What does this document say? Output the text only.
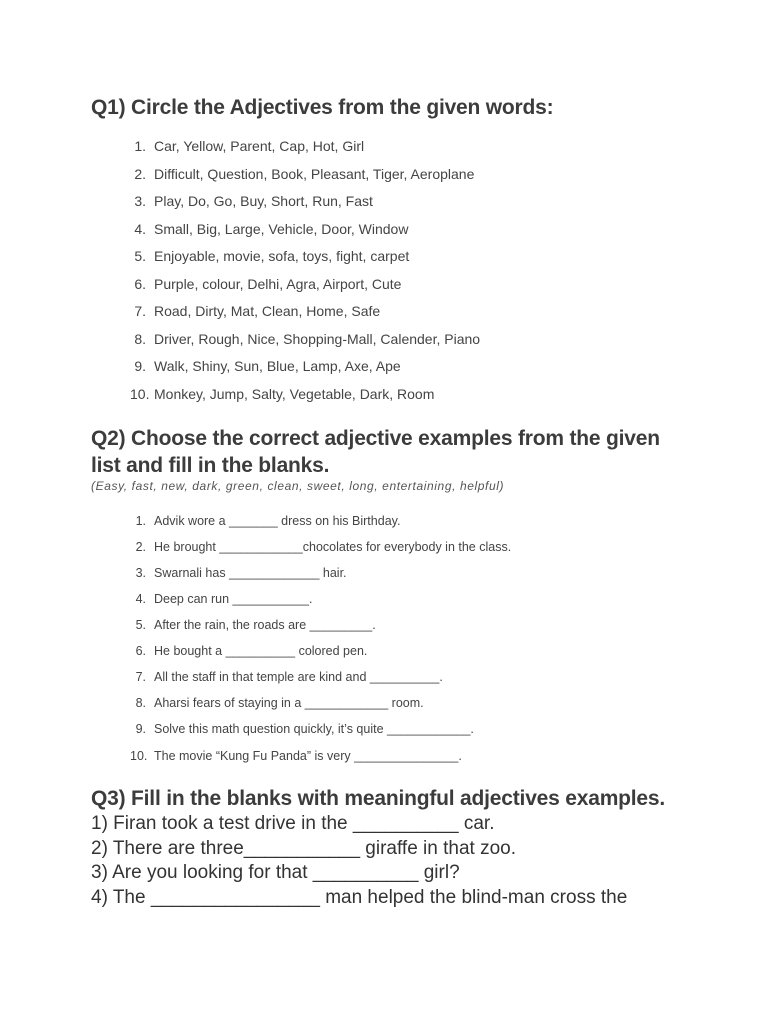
Q1) Circle the Adjectives from the given words:
1. Car, Yellow, Parent, Cap, Hot, Girl
2. Difficult, Question, Book, Pleasant, Tiger, Aeroplane
3. Play, Do, Go, Buy, Short, Run, Fast
4. Small, Big, Large, Vehicle, Door, Window
5. Enjoyable, movie, sofa, toys, fight, carpet
6. Purple, colour, Delhi, Agra, Airport, Cute
7. Road, Dirty, Mat, Clean, Home, Safe
8. Driver, Rough, Nice, Shopping-Mall, Calender, Piano
9. Walk, Shiny, Sun, Blue, Lamp, Axe, Ape
10. Monkey, Jump, Salty, Vegetable, Dark, Room
Q2) Choose the correct adjective examples from the given list and fill in the blanks.
(Easy, fast, new, dark, green, clean, sweet, long, entertaining, helpful)
1. Advik wore a _______ dress on his Birthday.
2. He brought ____________chocolates for everybody in the class.
3. Swarnali has _____________ hair.
4. Deep can run ___________.
5. After the rain, the roads are _________.
6. He bought a __________ colored pen.
7. All the staff in that temple are kind and __________.
8. Aharsi fears of staying in a ____________ room.
9. Solve this math question quickly, it’s quite ____________.
10. The movie “Kung Fu Panda” is very _______________.
Q3) Fill in the blanks with meaningful adjectives examples.
1) Firan took a test drive in the __________ car.
2) There are three___________ giraffe in that zoo.
3) Are you looking for that __________ girl?
4) The ________________ man helped the blind-man cross the
